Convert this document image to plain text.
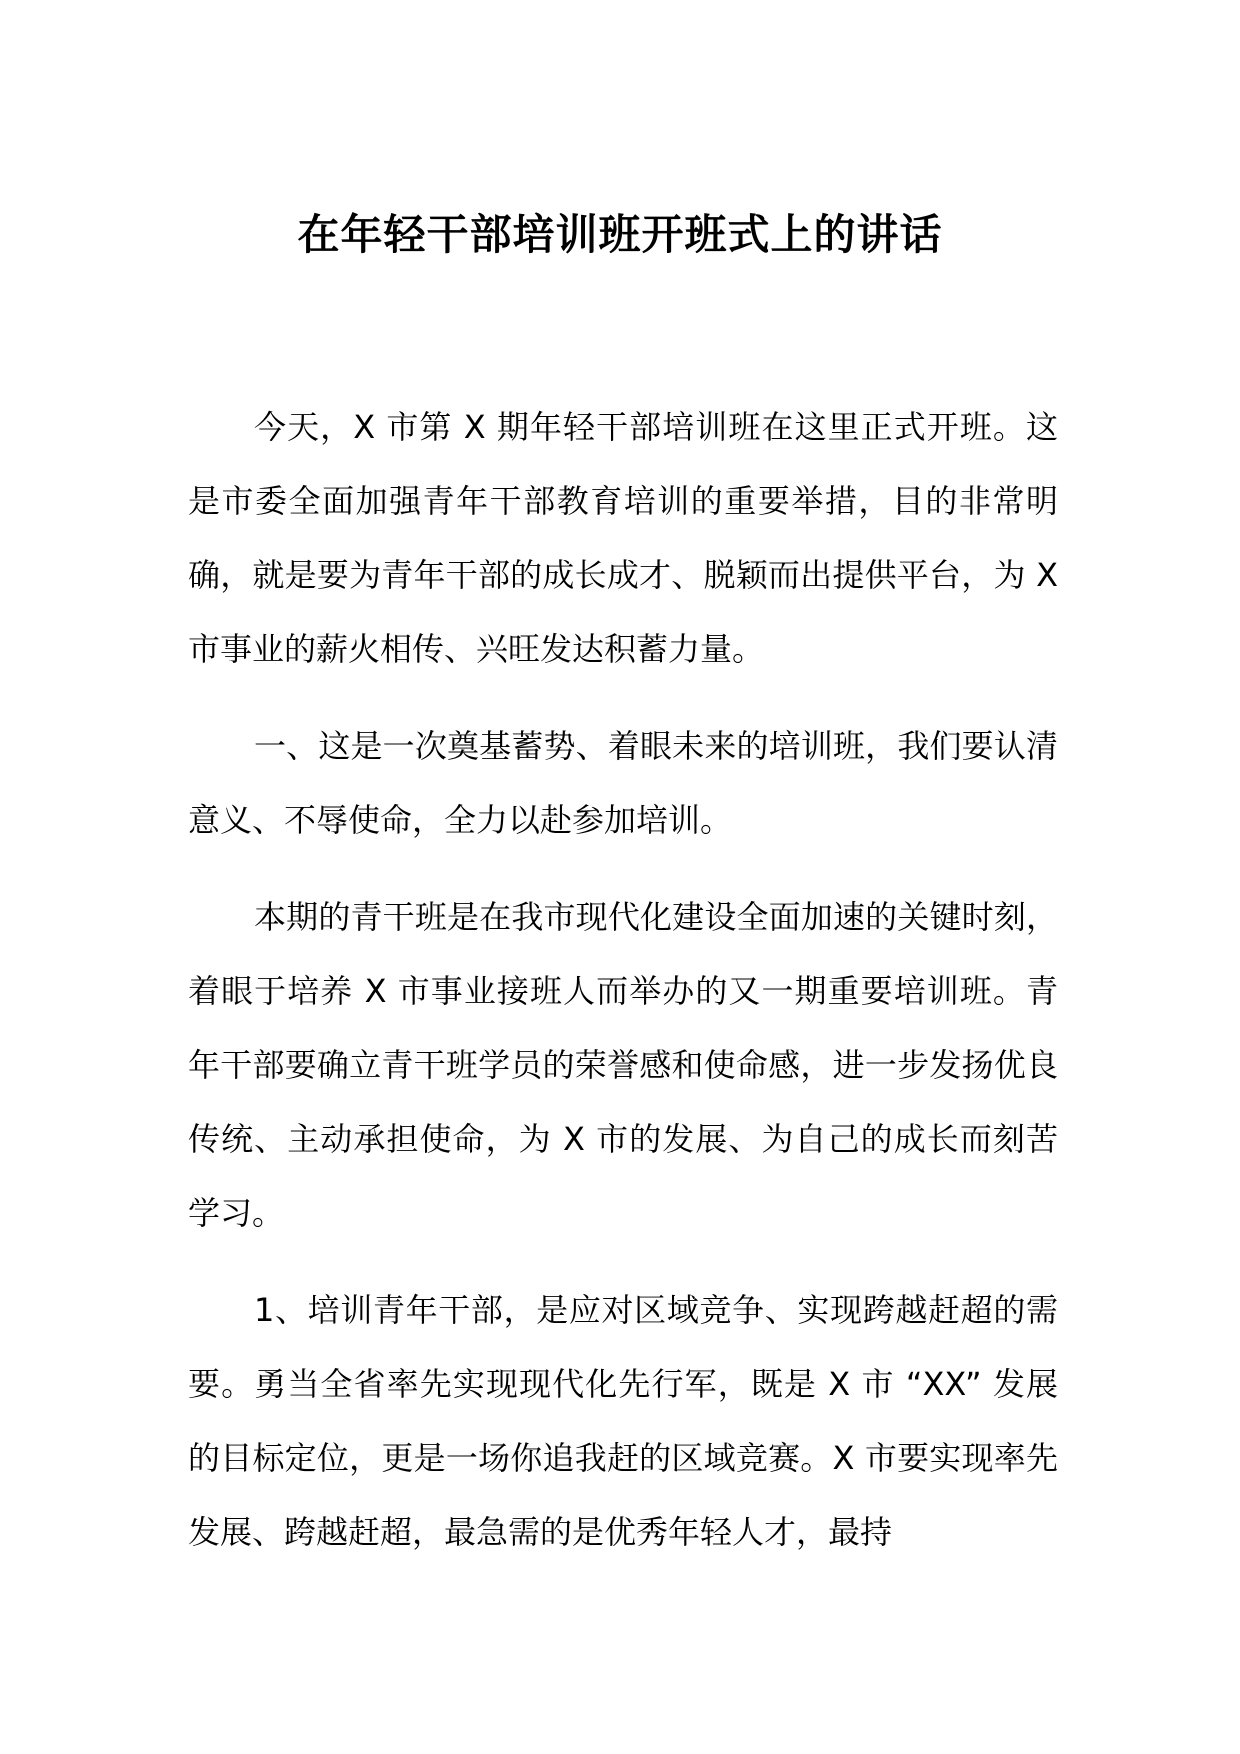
在年轻干部培训班开班式上的讲话

今天，X 市第 X 期年轻干部培训班在这里正式开班。这是市委全面加强青年干部教育培训的重要举措，目的非常明确，就是要为青年干部的成长成才、脱颖而出提供平台，为 X 市事业的薪火相传、兴旺发达积蓄力量。

一、这是一次奠基蓄势、着眼未来的培训班，我们要认清意义、不辱使命，全力以赴参加培训。

本期的青干班是在我市现代化建设全面加速的关键时刻，着眼于培养 X 市事业接班人而举办的又一期重要培训班。青年干部要确立青干班学员的荣誉感和使命感，进一步发扬优良传统、主动承担使命，为 X 市的发展、为自己的成长而刻苦学习。

1、培训青年干部，是应对区域竞争、实现跨越赶超的需要。勇当全省率先实现现代化先行军，既是 X 市 “XX” 发展的目标定位，更是一场你追我赶的区域竞赛。X 市要实现率先发展、跨越赶超，最急需的是优秀年轻人才，最持
